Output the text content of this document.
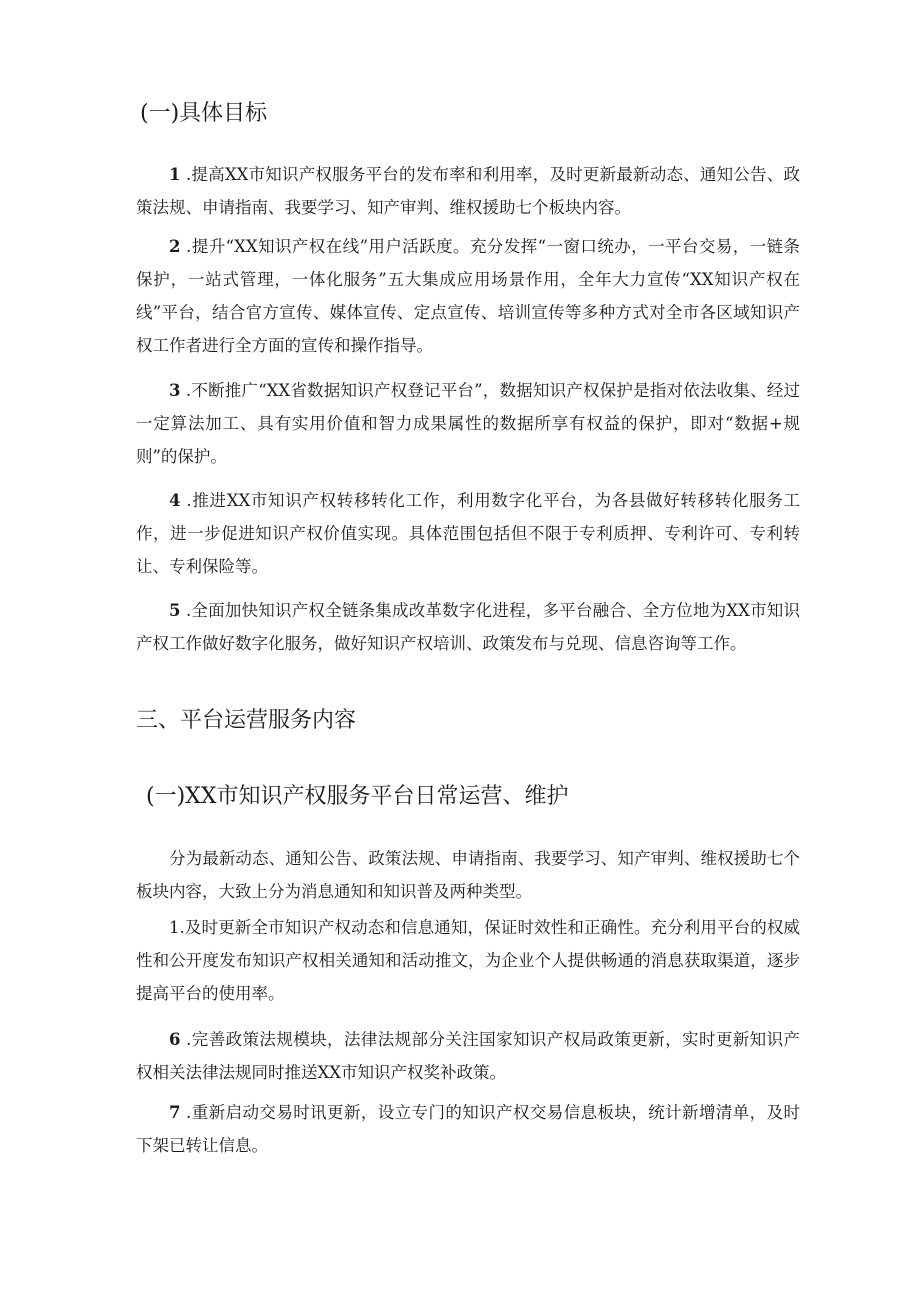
(一)具体目标

1 .提高XX市知识产权服务平台的发布率和利用率，及时更新最新动态、通知公告、政策法规、申请指南、我要学习、知产审判、维权援助七个板块内容。

2 .提升“XX知识产权在线”用户活跃度。充分发挥“一窗口统办，一平台交易，一链条保护，一站式管理，一体化服务”五大集成应用场景作用，全年大力宣传“XX知识产权在线”平台，结合官方宣传、媒体宣传、定点宣传、培训宣传等多种方式对全市各区域知识产权工作者进行全方面的宣传和操作指导。

3 .不断推广“XX省数据知识产权登记平台”，数据知识产权保护是指对依法收集、经过一定算法加工、具有实用价值和智力成果属性的数据所享有权益的保护，即对“数据+规则”的保护。

4 .推进XX市知识产权转移转化工作，利用数字化平台，为各县做好转移转化服务工作，进一步促进知识产权价值实现。具体范围包括但不限于专利质押、专利许可、专利转让、专利保险等。

5 .全面加快知识产权全链条集成改革数字化进程，多平台融合、全方位地为XX市知识产权工作做好数字化服务，做好知识产权培训、政策发布与兑现、信息咨询等工作。

三、平台运营服务内容
(一)XX市知识产权服务平台日常运营、维护

分为最新动态、通知公告、政策法规、申请指南、我要学习、知产审判、维权援助七个板块内容，大致上分为消息通知和知识普及两种类型。

1.及时更新全市知识产权动态和信息通知，保证时效性和正确性。充分利用平台的权威性和公开度发布知识产权相关通知和活动推文，为企业个人提供畅通的消息获取渠道，逐步提高平台的使用率。

6 .完善政策法规模块，法律法规部分关注国家知识产权局政策更新，实时更新知识产权相关法律法规同时推送XX市知识产权奖补政策。

7 .重新启动交易时讯更新，设立专门的知识产权交易信息板块，统计新增清单，及时下架已转让信息。
